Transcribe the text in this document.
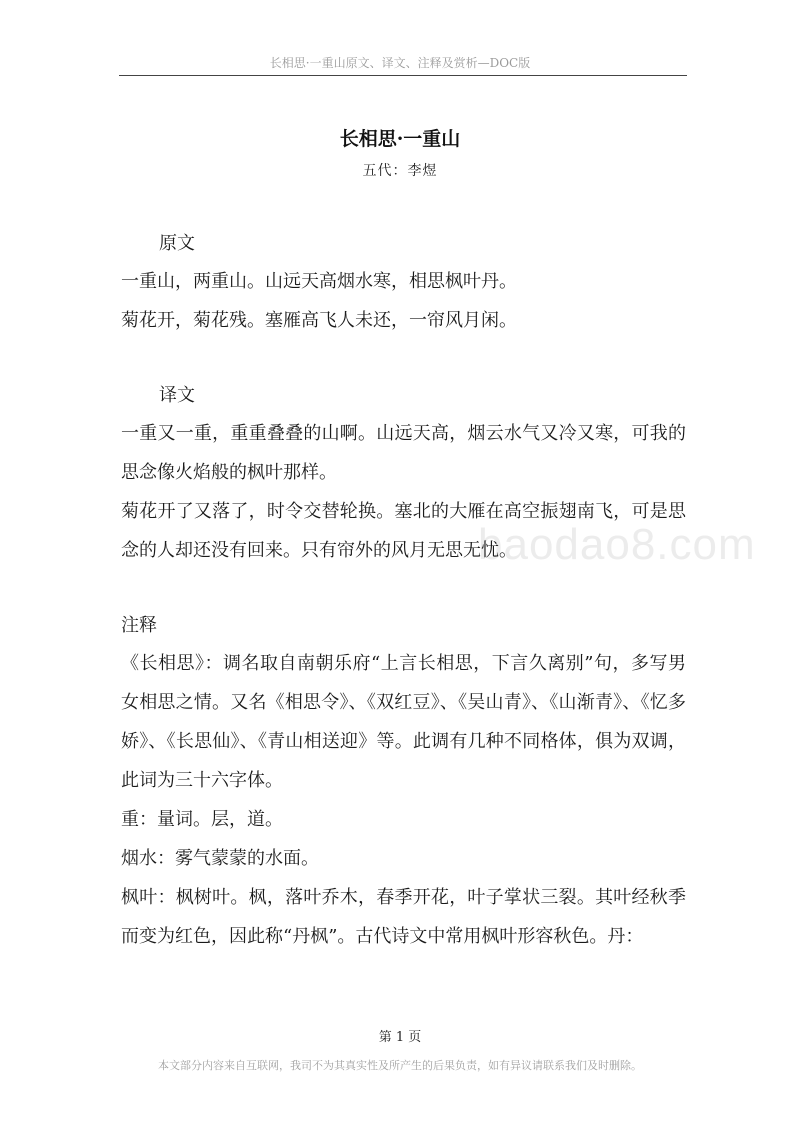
长相思·一重山原文、译文、注释及赏析—DOC版
长相思·一重山
五代：李煜
baodao8.com
原文
一重山，两重山。山远天高烟水寒，相思枫叶丹。
菊花开，菊花残。塞雁高飞人未还，一帘风月闲。
译文
一重又一重，重重叠叠的山啊。山远天高，烟云水气又冷又寒，可我的思念像火焰般的枫叶那样。
菊花开了又落了，时令交替轮换。塞北的大雁在高空振翅南飞，可是思念的人却还没有回来。只有帘外的风月无思无忧。
注释
《长相思》：调名取自南朝乐府“上言长相思，下言久离别”句，多写男女相思之情。又名《相思令》、《双红豆》、《吴山青》、《山渐青》、《忆多娇》、《长思仙》、《青山相送迎》等。此调有几种不同格体，俱为双调，此词为三十六字体。
重：量词。层，道。
烟水：雾气蒙蒙的水面。
枫叶：枫树叶。枫，落叶乔木，春季开花，叶子掌状三裂。其叶经秋季而变为红色，因此称“丹枫”。古代诗文中常用枫叶形容秋色。丹：
第 1 页
本文部分内容来自互联网，我司不为其真实性及所产生的后果负责，如有异议请联系我们及时删除。
